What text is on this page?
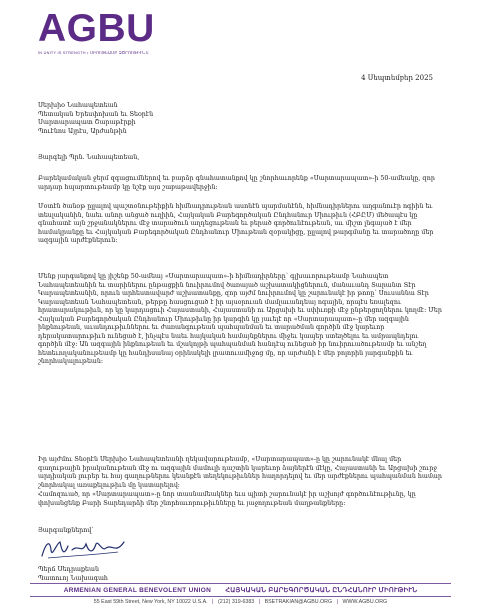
AGBU
IN UNITY IS STRENGTH • ՄԻՈՒԹԵԱՄԲ ԶՕՐՈՒԹԻՒՆ Է
4 Սեպտեմբեր 2025

Սերխիօ Նահապետեան

Պետական Երեսփոխան եւ Տեօրէն

Սարտարապատ Շարաթէրքի

Պուէնոս Այրէս, Արժանթին

Յարգելի Պրն. Նահապետեան,
Բարեկամական ջերմ զգացումներով եւ բարձր գնահատանքով կը շնորհաւորենք «Սարտարապատ»-ի 50-ամեակը, զոր արդար հպարտութեամբ կը նշէք այս շաբաթավերջին:
Մօտէն ծանօթ ըլլալով պաշտօնութեիքին հիմնադրութեան ասոնէն պարմանէնն, հիմնադիրներու աղգանուէր ոգիին եւ տեսլականին, նաեւ անոր անցած ուղիին, Հայկական Բարեգործական Ընդհանուր Միութիւն (ՀԲԸՄ) մեծապէս կը գնահատէ այն շրջանակներու մէջ տարածուն աղդեցութեան եւ բերած գործունէութեան, աւ միշտ լնգայած է մեր համակրանքը եւ Հայկական Բարեգործական Ընդհանուր Միութեան զօրակիցը, ըլլալով թարգմանը եւ տարածողը մեր ազգային արժէքներուն:
Մենք յարգանքով կը յիշենք 50-ամեայ «Սարտարապատ»-ի հիմնադիրները՝ գլխաւորութեամբ Նահապետ Նահապետեանին եւ տարիներու ընթացքին նուիրումով ծառայած աշխատակիցներուն, մանաւանդ Տարանտ Տէր Կարապետեանին, որուն արհեստավարժ աշխատանքը, զոր այժմ նուիրումով կը շարունակէ իր թոռը՝ Սուսաննա Տէր Կարապետեան Նահապետեան, թերթը հասցուցած է իր այսօրուան մամլաւանդեայ ոգային, որպէս եռալեզու հրատարակութիւն, որ կը կարդացուի Հայաստանի, Հայաստանի ու Արցախի եւ սփիւռքի մէջ ընթերցողներու կողմէ: Մեր Հայկական Բարեգործական Ընդհանուր Միութիւնը իր կարգին կը յաւելէ որ «Սարտարապատ»-ը մեր ազգային ինքնութեան, աւանդութիւններու եւ ժառանգութեան պահպանման եւ տարածման գործին մէջ կարեւոր դերակատարութիւն ունեցած է, ինչպէս նաեւ հայկական համայնքներու միջեւ կապեր ստեղծելու եւ ամրապնդելու գործին մէջ: Ան ազգային ինքնութեան եւ մշակոյթի պահպանման հանդէպ ունեցած իր նուիրուածութեամբ եւ անշեղ հետեւողականութեամբ կը հանդիսանայ օրինակելի լրատուամիջոց մը, որ արժանի է մեր բոլորին յարգանքին եւ շնորհակալութեան:
Իր այժմու Տնօրէն Սերխիօ Նահապետեանի ղեկավարութեամբ, «Սարտարապատ»-ը կը շարունակէ մնալ մեր գաղութային իրականութեան մէջ ու ազգային մամուլի դաշտին կարեւոր ձայներէն մէկը, Հայաստանի եւ Արցախի շուրջ արդիական լուրեր եւ հայ գաղութներու կեանքէն տեղեկութիւններ հաղորդելով եւ մեր արժէքներու պահպանման համար շնորհակալ առաքելութիւն մը կատարելով:
Համոզուած, որ «Սարտարապատ»-ը նոր տասնամեակներ եւս պիտի շարունակէ իր աշխոյժ գործունէութիւնը, կը փոխանցենք Բարի Տարեդարձի մեր շնորհաւորութիւնները եւ յաջողութեան մաղթանքները:
Յարգանքներով՝
Պերճ Սեդրաքեան
Պատուոյ Նախագահ
ARMENIAN GENERAL BENEVOLENT UNION ՀԱՅԿԱԿԱՆ ԲԱՐԵԳՈՐԾԱԿԱՆ ԸՆԴՀԱՆՈՒՐ ՄԻՈՒԹԻՒՆ
55 East 59th Street, New York, NY 10022 U.S.A. | (212) 319-6383 | BSETRAKIAN@AGBU.ORG | WWW.AGBU.ORG
